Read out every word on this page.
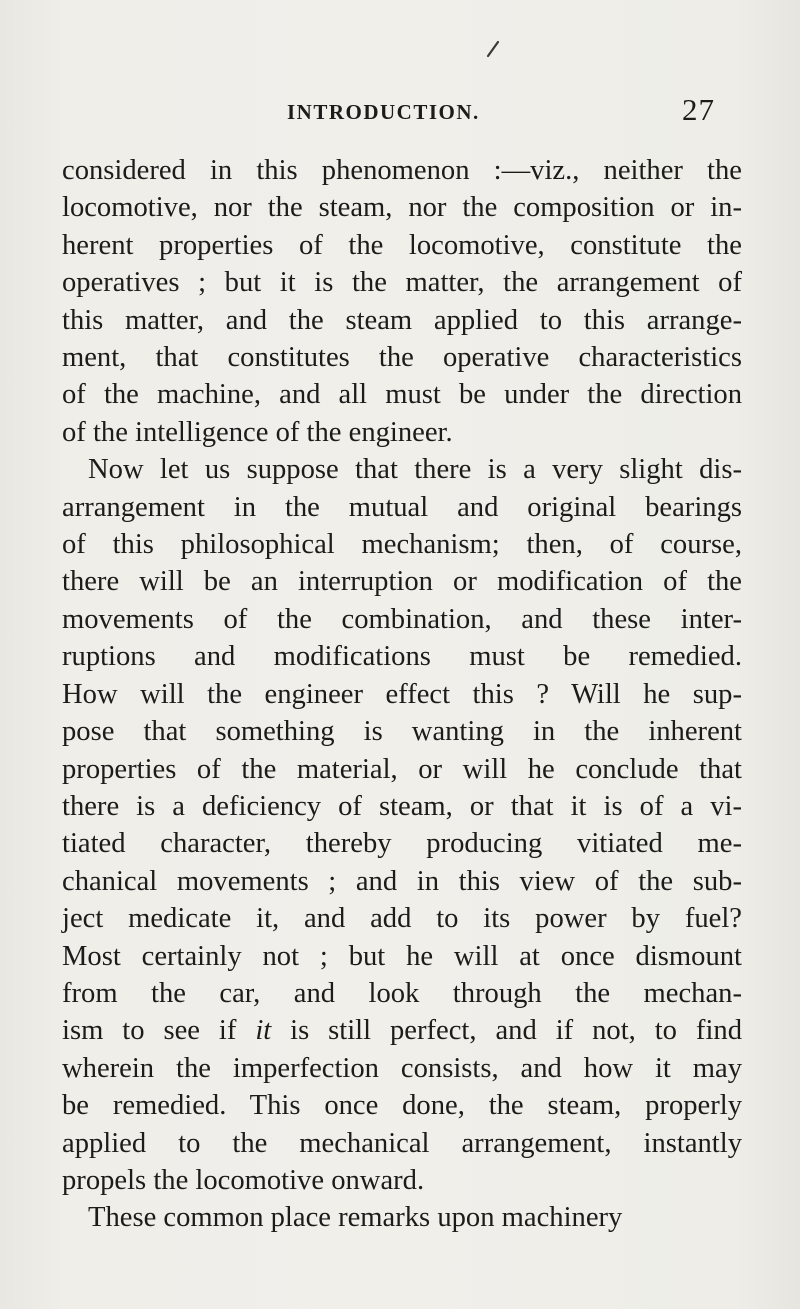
INTRODUCTION.	27
considered in this phenomenon :—viz., neither the
locomotive, nor the steam, nor the composition or in-
herent properties of the locomotive, constitute the
operatives ; but it is the matter, the arrangement of
this matter, and the steam applied to this arrange-
ment, that constitutes the operative characteristics
of the machine, and all must be under the direction
of the intelligence of the engineer.
Now let us suppose that there is a very slight dis-
arrangement in the mutual and original bearings
of this philosophical mechanism; then, of course,
there will be an interruption or modification of the
movements of the combination, and these inter-
ruptions and modifications must be remedied.
How will the engineer effect this ? Will he sup-
pose that something is wanting in the inherent
properties of the material, or will he conclude that
there is a deficiency of steam, or that it is of a vi-
tiated character, thereby producing vitiated me-
chanical movements ; and in this view of the sub-
ject medicate it, and add to its power by fuel?
Most certainly not ; but he will at once dismount
from the car, and look through the mechan-
ism to see if it is still perfect, and if not, to find
wherein the imperfection consists, and how it may
be remedied. This once done, the steam, properly
applied to the mechanical arrangement, instantly
propels the locomotive onward.
These common place remarks upon machinery
